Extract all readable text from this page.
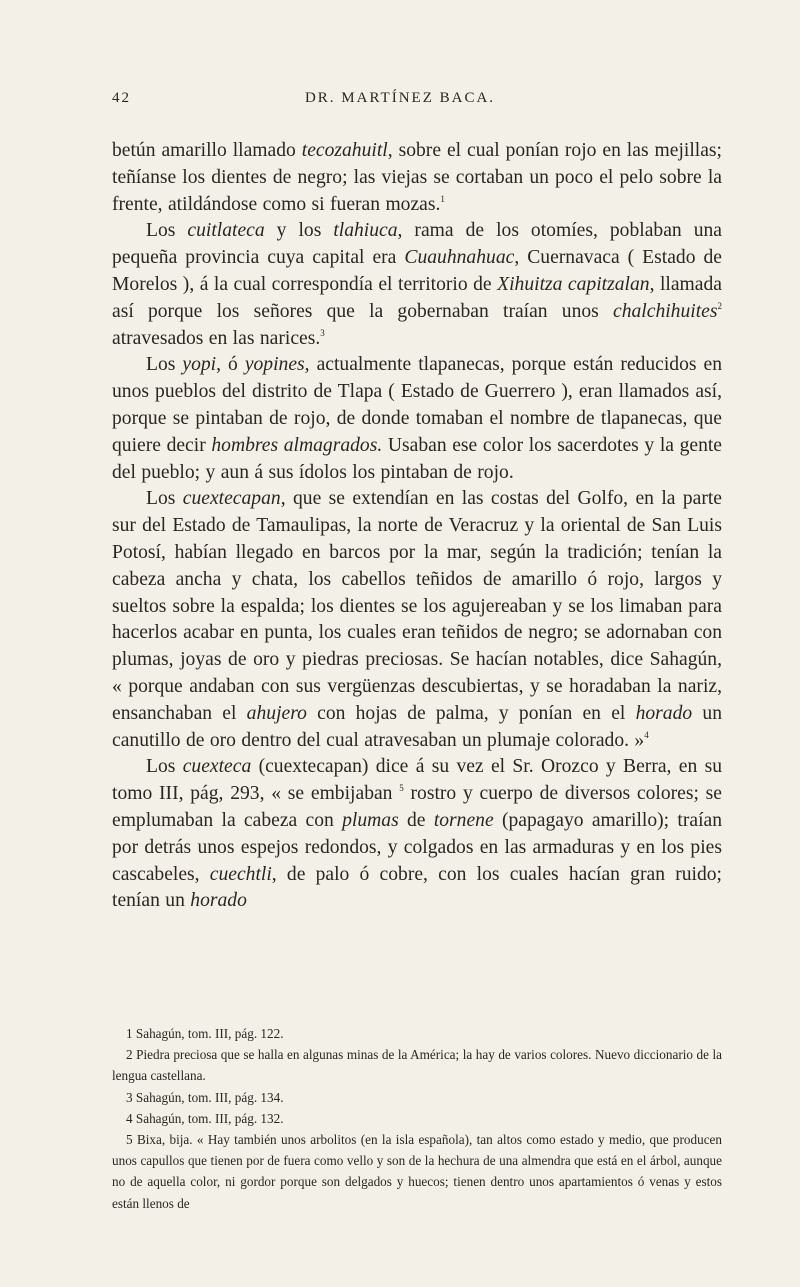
42	DR. MARTÍNEZ BACA.

betún amarillo llamado tecozahuitl, sobre el cual ponían rojo en las mejillas; teñíanse los dientes de negro; las viejas se cortaban un poco el pelo sobre la frente, atildándose como si fueran mozas.$^1$

Los cuitlateca y los tlahiuca, rama de los otomíes, poblaban una pequeña provincia cuya capital era Cuauhnahuac, Cuernavaca ( Estado de Morelos ), á la cual correspondía el territorio de Xihuitza capitzalan, llamada así porque los señores que la gobernaban traían unos chalchihuites$^2$ atravesados en las narices.$^3$

Los yopi, ó yopines, actualmente tlapanecas, porque están reducidos en unos pueblos del distrito de Tlapa ( Estado de Guerrero ), eran llamados así, porque se pintaban de rojo, de donde tomaban el nombre de tlapanecas, que quiere decir hombres almagrados. Usaban ese color los sacerdotes y la gente del pueblo; y aun á sus ídolos los pintaban de rojo.

Los cuextecapan, que se extendían en las costas del Golfo, en la parte sur del Estado de Tamaulipas, la norte de Veracruz y la oriental de San Luis Potosí, habían llegado en barcos por la mar, según la tradición; tenían la cabeza ancha y chata, los cabellos teñidos de amarillo ó rojo, largos y sueltos sobre la espalda; los dientes se los agujereaban y se los limaban para hacerlos acabar en punta, los cuales eran teñidos de negro; se adornaban con plumas, joyas de oro y piedras preciosas. Se hacían notables, dice Sahagún, « porque andaban con sus vergüenzas descubiertas, y se horadaban la nariz, ensanchaban el ahujero con hojas de palma, y ponían en el horado un canutillo de oro dentro del cual atravesaban un plumaje colorado. »$^4$

Los cuexteca (cuextecapan) dice á su vez el Sr. Orozco y Berra, en su tomo III, pág, 293, « se embijaban $^5$ rostro y cuerpo de diversos colores; se emplumaban la cabeza con plumas de tornene (papagayo amarillo); traían por detrás unos espejos redondos, y colgados en las armaduras y en los pies cascabeles, cuechtli, de palo ó cobre, con los cuales hacían gran ruido; tenían un horado

1 Sahagún, tom. III, pág. 122.

2 Piedra preciosa que se halla en algunas minas de la América; la hay de varios colores. Nuevo diccionario de la lengua castellana.

3 Sahagún, tom. III, pág. 134.

4 Sahagún, tom. III, pág. 132.

5 Bixa, bija. « Hay también unos arbolitos (en la isla española), tan altos como estado y medio, que producen unos capullos que tienen por de fuera como vello y son de la hechura de una almendra que está en el árbol, aunque no de aquella color, ni gordor porque son delgados y huecos; tienen dentro unos apartamientos ó venas y estos están llenos de
